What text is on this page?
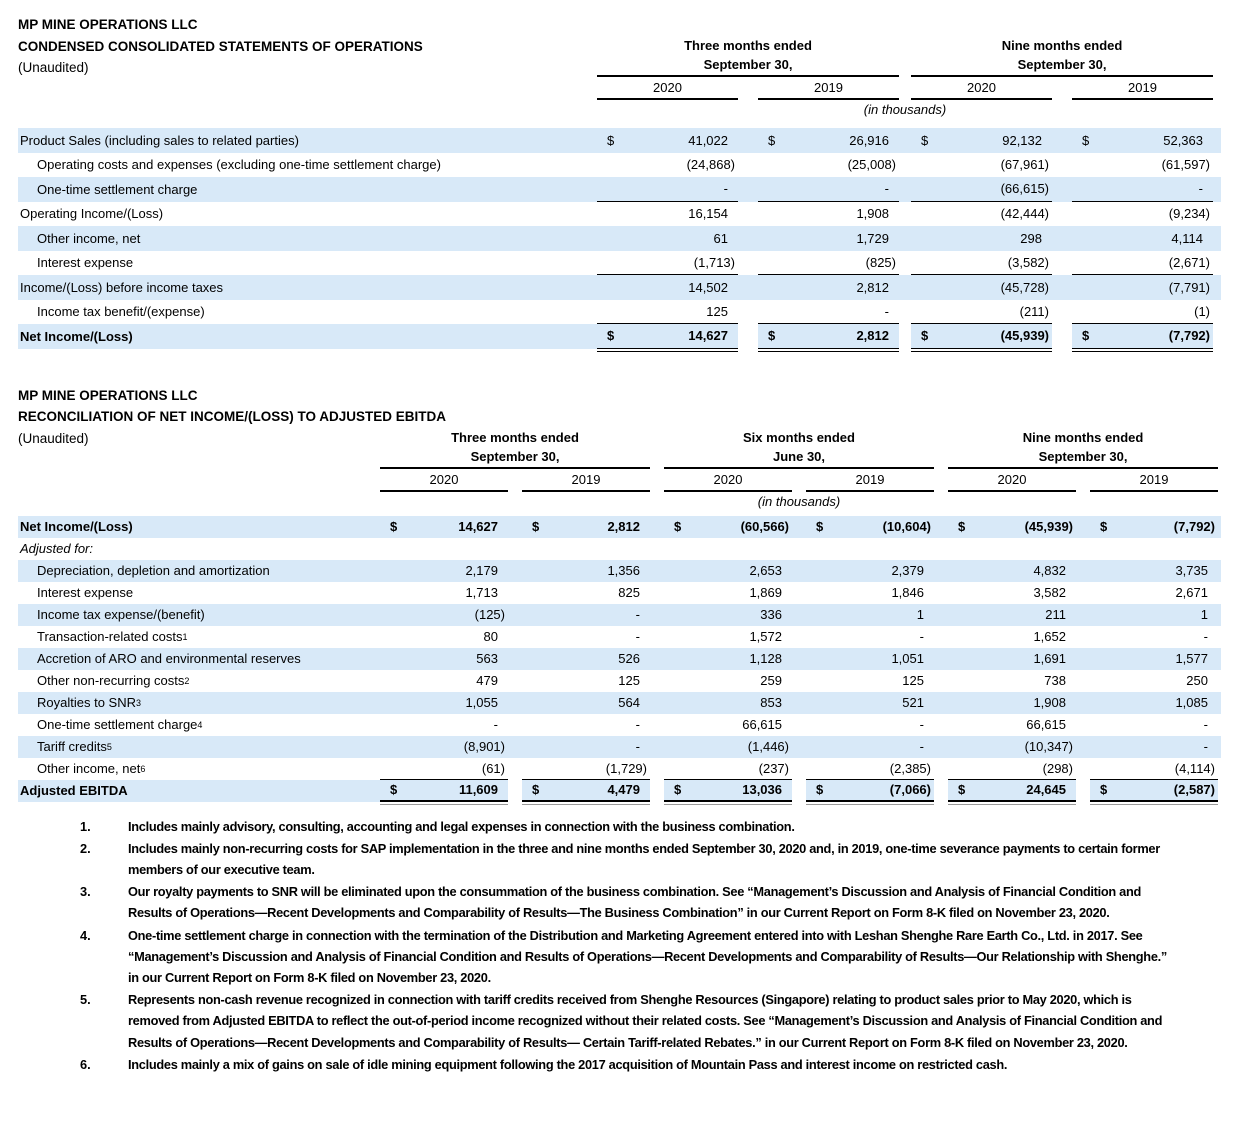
MP MINE OPERATIONS LLC
CONDENSED CONSOLIDATED STATEMENTS OF OPERATIONS
(Unaudited)
Three months ended
September 30,
2020	2019
Nine months ended
September 30,
2020	2019
(in thousands)
Product Sales (including sales to related parties)	$	41,022	$	26,916	$	92,132	$	52,363
Operating costs and expenses (excluding one-time settlement charge)	(24,868)	(25,008)	(67,961)	(61,597)
One-time settlement charge	-	-	(66,615)	-
Operating Income/(Loss)	16,154	1,908	(42,444)	(9,234)
Other income, net	61	1,729	298	4,114
Interest expense	(1,713)	(825)	(3,582)	(2,671)
Income/(Loss) before income taxes	14,502	2,812	(45,728)	(7,791)
Income tax benefit/(expense)	125	-	(211)	(1)
Net Income/(Loss)	$	14,627	$	2,812	$	(45,939)	$	(7,792)
MP MINE OPERATIONS LLC
RECONCILIATION OF NET INCOME/(LOSS) TO ADJUSTED EBITDA
(Unaudited)	Three months ended
September 30,
2020	2019
Six months ended
June 30,
2020	2019
Nine months ended
September 30,
2020	2019
(in thousands)
Net Income/(Loss)	$	14,627	$	2,812	$	(60,566)	$	(10,604)	$	(45,939)	$	(7,792)
Adjusted for:
Depreciation, depletion and amortization	2,179	1,356	2,653	2,379	4,832	3,735
Interest expense	1,713	825	1,869	1,846	3,582	2,671
Income tax expense/(benefit)	(125)	-	336	1	211	1
Transaction-related costs 1	80	-	1,572	-	1,652	-
Accretion of ARO and environmental reserves	563	526	1,128	1,051	1,691	1,577
Other non-recurring costs 2	479	125	259	125	738	250
Royalties to SNR 3	1,055	564	853	521	1,908	1,085
One-time settlement charge 4	-	-	66,615	-	66,615	-
Tariff credits 5	(8,901)	-	(1,446)	-	(10,347)	-
Other income, net 6	(61)	(1,729)	(237)	(2,385)	(298)	(4,114)
Adjusted EBITDA	$	11,609	$	4,479	$	13,036	$	(7,066)	$	24,645	$	(2,587)
1.	Includes mainly advisory, consulting, accounting and legal expenses in connection with the business combination.
2.	Includes mainly non-recurring costs for SAP implementation in the three and nine months ended September 30, 2020 and, in 2019, one-time severance payments to certain former members of our executive team.
3.	Our royalty payments to SNR will be eliminated upon the consummation of the business combination. See “Management’s Discussion and Analysis of Financial Condition and Results of Operations—Recent Developments and Comparability of Results—The Business Combination” in our Current Report on Form 8-K filed on November 23, 2020.
4.	One-time settlement charge in connection with the termination of the Distribution and Marketing Agreement entered into with Leshan Shenghe Rare Earth Co., Ltd. in 2017. See “Management’s Discussion and Analysis of Financial Condition and Results of Operations—Recent Developments and Comparability of Results—Our Relationship with Shenghe.” in our Current Report on Form 8-K filed on November 23, 2020.
5.	Represents non-cash revenue recognized in connection with tariff credits received from Shenghe Resources (Singapore) relating to product sales prior to May 2020, which is removed from Adjusted EBITDA to reflect the out-of-period income recognized without their related costs. See “Management’s Discussion and Analysis of Financial Condition and Results of Operations—Recent Developments and Comparability of Results— Certain Tariff-related Rebates.” in our Current Report on Form 8-K filed on November 23, 2020.
6.	Includes mainly a mix of gains on sale of idle mining equipment following the 2017 acquisition of Mountain Pass and interest income on restricted cash.
